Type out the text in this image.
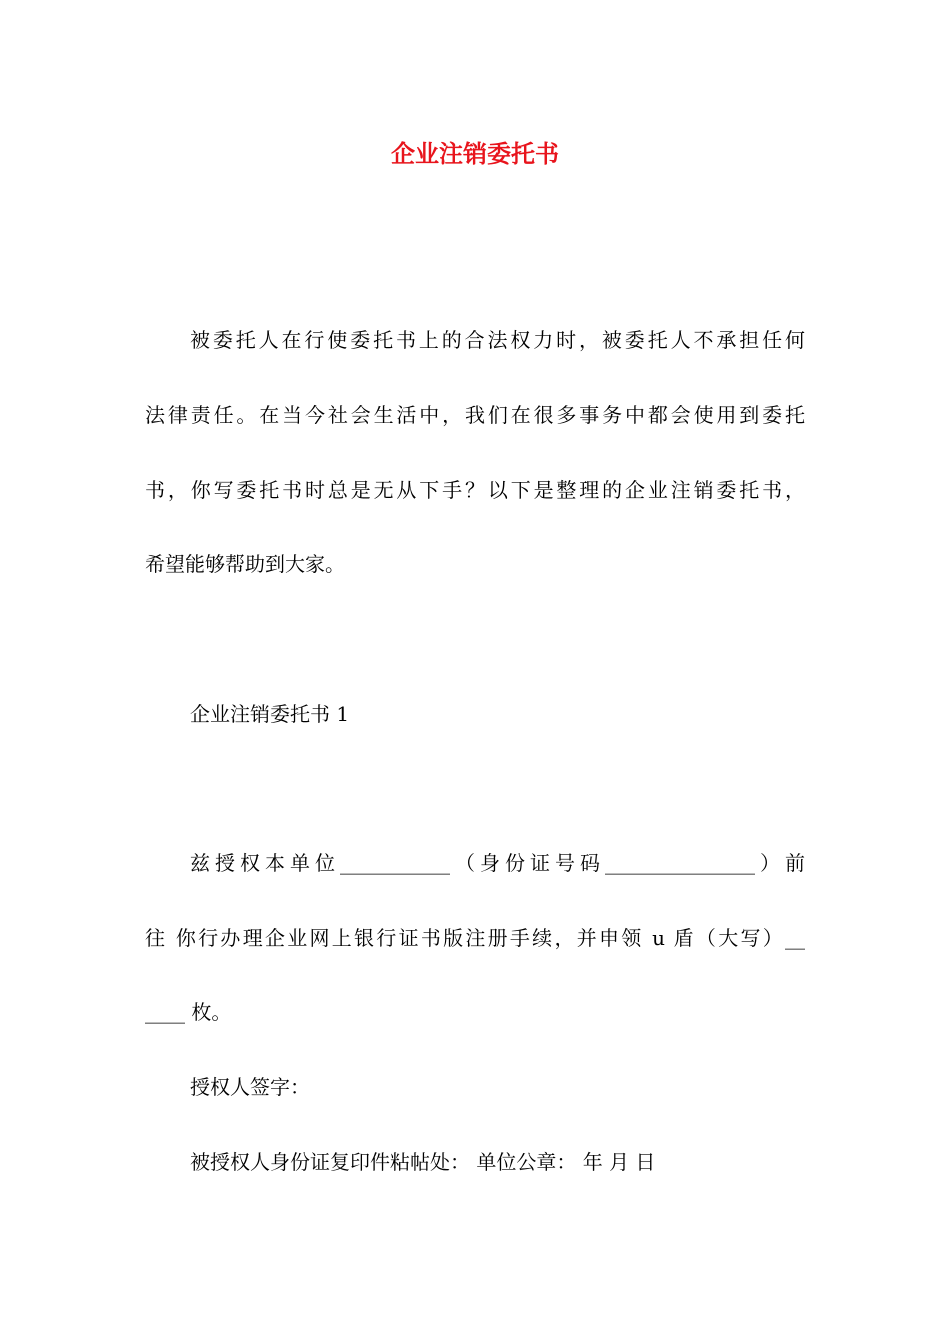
企业注销委托书
被委托人在行使委托书上的合法权力时，被委托人不承担任何
法律责任。在当今社会生活中，我们在很多事务中都会使用到委托
书，你写委托书时总是无从下手？以下是整理的企业注销委托书，
希望能够帮助到大家。
企业注销委托书 1
兹授权本单位___________（身份证号码_______________）前
往 你行办理企业网上银行证书版注册手续，并申领 u 盾（大写）__
____ 枚。
授权人签字：
被授权人身份证复印件粘帖处： 单位公章： 年 月 日
